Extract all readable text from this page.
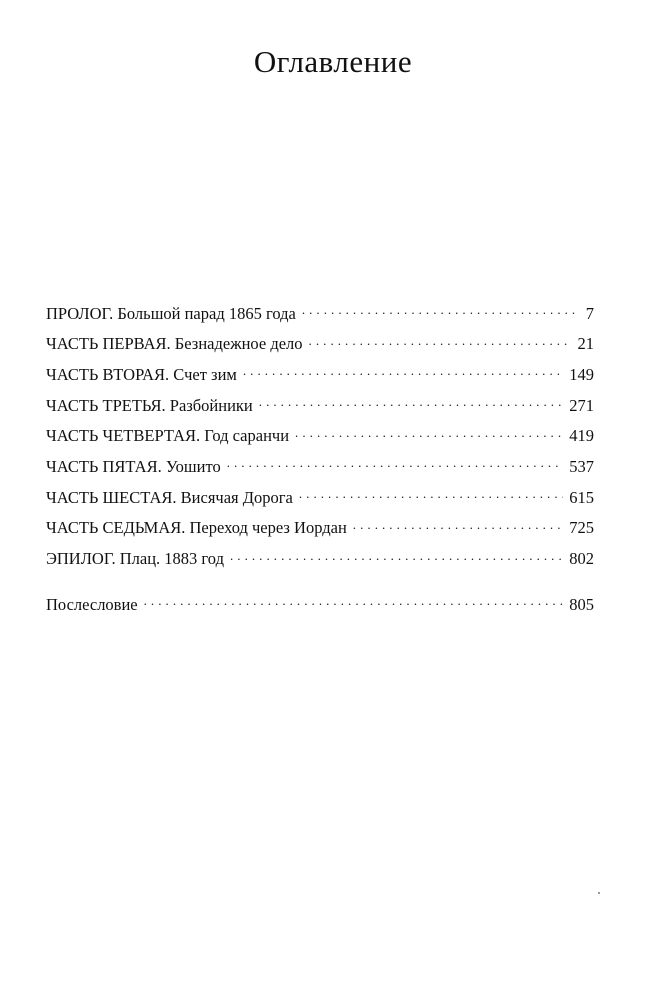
Оглавление
ПРОЛОГ. Большой парад 1865 года . . .	7
ЧАСТЬ ПЕРВАЯ. Безнадежное дело . . .	21
ЧАСТЬ ВТОРАЯ. Счет зим . . .	149
ЧАСТЬ ТРЕТЬЯ. Разбойники . . .	271
ЧАСТЬ ЧЕТВЕРТАЯ. Год саранчи . . .	419
ЧАСТЬ ПЯТАЯ. Уошито . . .	537
ЧАСТЬ ШЕСТАЯ. Висячая Дорога . . .	615
ЧАСТЬ СЕДЬМАЯ. Переход через Иордан . . .	725
ЭПИЛОГ. Плац. 1883 год . . .	802
Послесловие . . .	805
